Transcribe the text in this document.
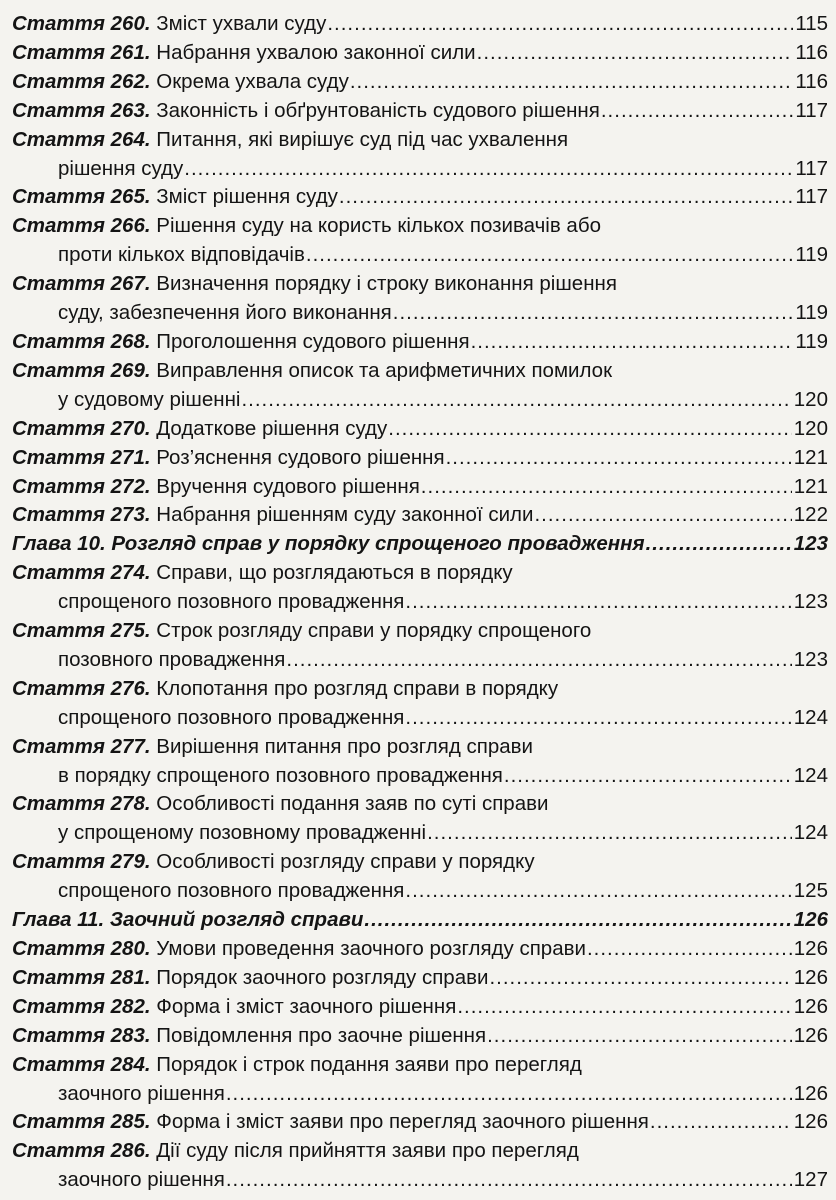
Стаття 260.
Зміст ухвали суду .....	115
Стаття 261.
Набрання ухвалою законної сили .....	116
Стаття 262.
Окрема ухвала суду .....	116
Стаття 263.
Законність і обґрунтованість судового рішення .....	117
Стаття 264.
Питання, які вирішує суд під час ухвалення
рішення суду .....	117
Стаття 265.
Зміст рішення суду .....	117
Стаття 266.
Рішення суду на користь кількох позивачів або
проти кількох відповідачів .....	119
Стаття 267.
Визначення порядку і строку виконання рішення
суду, забезпечення його виконання .....	119
Стаття 268.
Проголошення судового рішення .....	119
Стаття 269.
Виправлення описок та арифметичних помилок
у судовому рішенні .....	120
Стаття 270.
Додаткове рішення суду .....	120
Стаття 271.
Роз’яснення судового рішення .....	121
Стаття 272.
Вручення судового рішення .....	121
Стаття 273.
Набрання рішенням суду законної сили .....	122
Глава 10. Розгляд справ у порядку спрощеного провадження .....	123
Стаття 274.
Справи, що розглядаються в порядку
спрощеного позовного провадження .....	123
Стаття 275.
Строк розгляду справи у порядку спрощеного
позовного провадження .....	123
Стаття 276.
Клопотання про розгляд справи в порядку
спрощеного позовного провадження .....	124
Стаття 277.
Вирішення питання про розгляд справи
в порядку спрощеного позовного провадження .....	124
Стаття 278.
Особливості подання заяв по суті справи
у спрощеному позовному провадженні .....	124
Стаття 279.
Особливості розгляду справи у порядку
спрощеного позовного провадження .....	125
Глава 11. Заочний розгляд справи .....	126
Стаття 280.
Умови проведення заочного розгляду справи .....	126
Стаття 281.
Порядок заочного розгляду справи .....	126
Стаття 282.
Форма і зміст заочного рішення .....	126
Стаття 283.
Повідомлення про заочне рішення .....	126
Стаття 284.
Порядок і строк подання заяви про перегляд
заочного рішення .....	126
Стаття 285.
Форма і зміст заяви про перегляд заочного рішення .....	126
Стаття 286.
Дії суду після прийняття заяви про перегляд
заочного рішення .....	127
